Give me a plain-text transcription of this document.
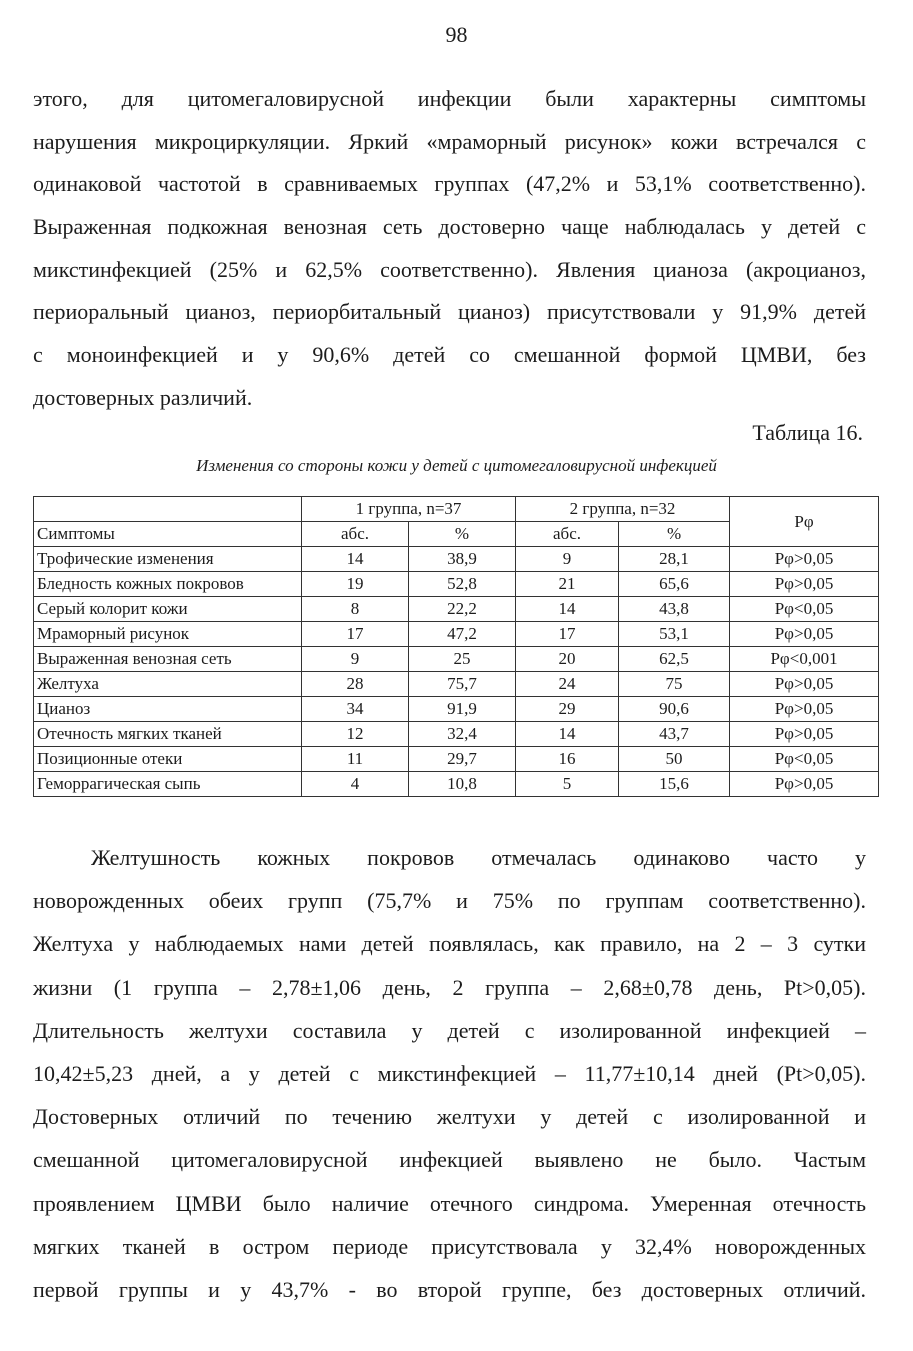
98
этого, для цитомегаловирусной инфекции были характерны симптомы
нарушения микроциркуляции. Яркий «мраморный рисунок» кожи встречался с
одинаковой частотой в сравниваемых группах (47,2% и 53,1% соответственно).
Выраженная подкожная венозная сеть достоверно чаще наблюдалась у детей с
микстинфекцией (25% и 62,5% соответственно). Явления цианоза (акроцианоз,
периоральный цианоз, периорбитальный цианоз) присутствовали у 91,9% детей
с моноинфекцией и у 90,6% детей со смешанной формой ЦМВИ, без
достоверных различий.
Таблица 16.
Изменения со стороны кожи у детей с цитомегаловирусной инфекцией
	1 группа, n=37		2 группа, n=32		Pφ
Симптомы	абс.	%	абс.	%	
Трофические изменения	14	38,9	9	28,1	Pφ>0,05
Бледность кожных покровов	19	52,8	21	65,6	Pφ>0,05
Серый колорит кожи	8	22,2	14	43,8	Pφ<0,05
Мраморный рисунок	17	47,2	17	53,1	Pφ>0,05
Выраженная венозная сеть	9	25	20	62,5	Pφ<0,001
Желтуха	28	75,7	24	75	Pφ>0,05
Цианоз	34	91,9	29	90,6	Pφ>0,05
Отечность мягких тканей	12	32,4	14	43,7	Pφ>0,05
Позиционные отеки	11	29,7	16	50	Pφ<0,05
Геморрагическая сыпь	4	10,8	5	15,6	Pφ>0,05
Желтушность кожных покровов отмечалась одинаково часто у
новорожденных обеих групп (75,7% и 75% по группам соответственно).
Желтуха у наблюдаемых нами детей появлялась, как правило, на 2 – 3 сутки
жизни (1 группа – 2,78±1,06 день, 2 группа – 2,68±0,78 день, Pt>0,05).
Длительность желтухи составила у детей с изолированной инфекцией –
10,42±5,23 дней, а у детей с микстинфекцией – 11,77±10,14 дней (Pt>0,05).
Достоверных отличий по течению желтухи у детей с изолированной и
смешанной цитомегаловирусной инфекцией выявлено не было. Частым
проявлением ЦМВИ было наличие отечного синдрома. Умеренная отечность
мягких тканей в остром периоде присутствовала у 32,4% новорожденных
первой группы и у 43,7% - во второй группе, без достоверных отличий.
